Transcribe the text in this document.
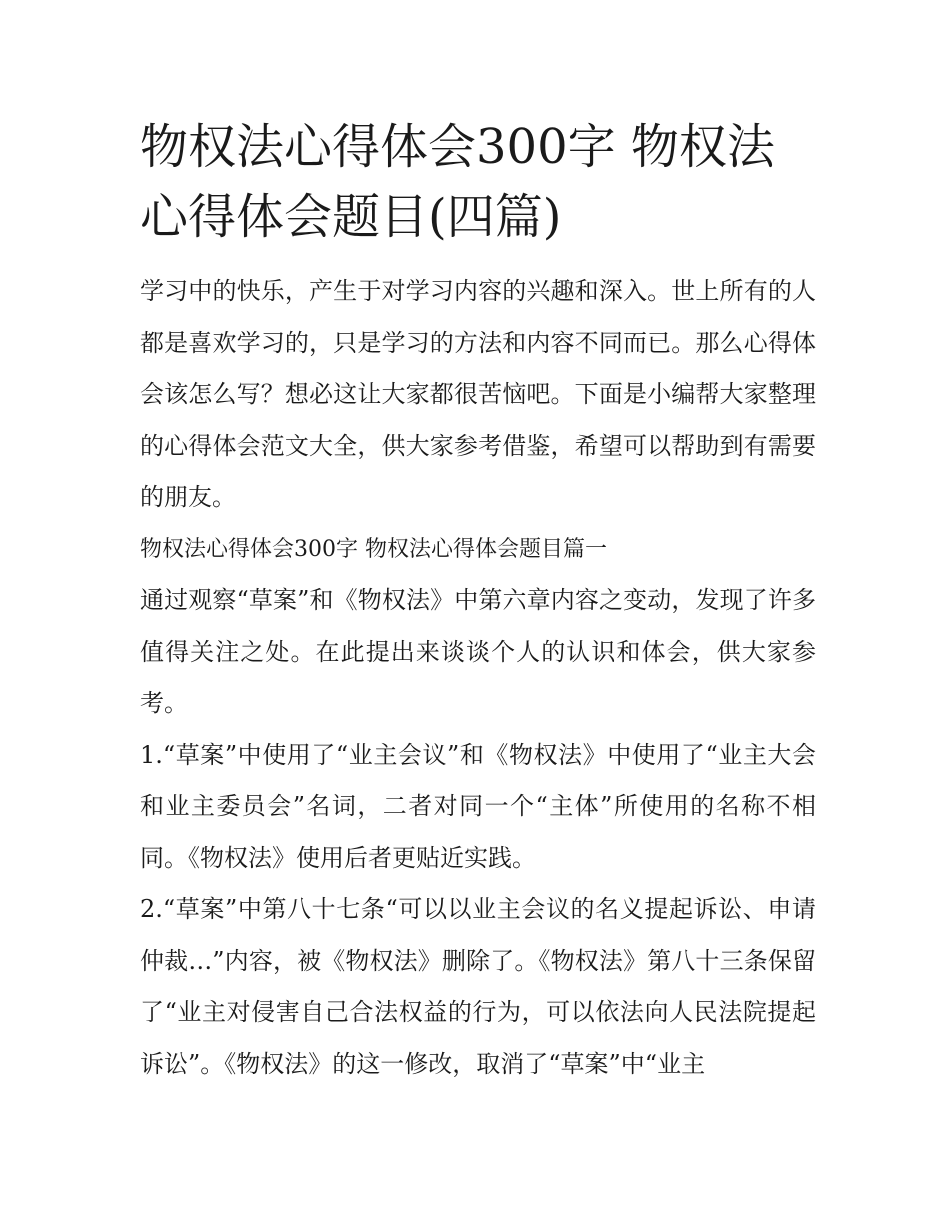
物权法心得体会300字 物权法心得体会题目(四篇)

学习中的快乐，产生于对学习内容的兴趣和深入。世上所有的人都是喜欢学习的，只是学习的方法和内容不同而已。那么心得体会该怎么写？想必这让大家都很苦恼吧。下面是小编帮大家整理的心得体会范文大全，供大家参考借鉴，希望可以帮助到有需要的朋友。

物权法心得体会300字 物权法心得体会题目篇一

通过观察“草案”和《物权法》中第六章内容之变动，发现了许多值得关注之处。在此提出来谈谈个人的认识和体会，供大家参考。

1.“草案”中使用了“业主会议”和《物权法》中使用了“业主大会和业主委员会”名词，二者对同一个“主体”所使用的名称不相同。《物权法》使用后者更贴近实践。

2.“草案”中第八十七条“可以以业主会议的名义提起诉讼、申请仲裁…”内容，被《物权法》删除了。《物权法》第八十三条保留了“业主对侵害自己合法权益的行为，可以依法向人民法院提起诉讼”。《物权法》的这一修改，取消了“草案”中“业主
